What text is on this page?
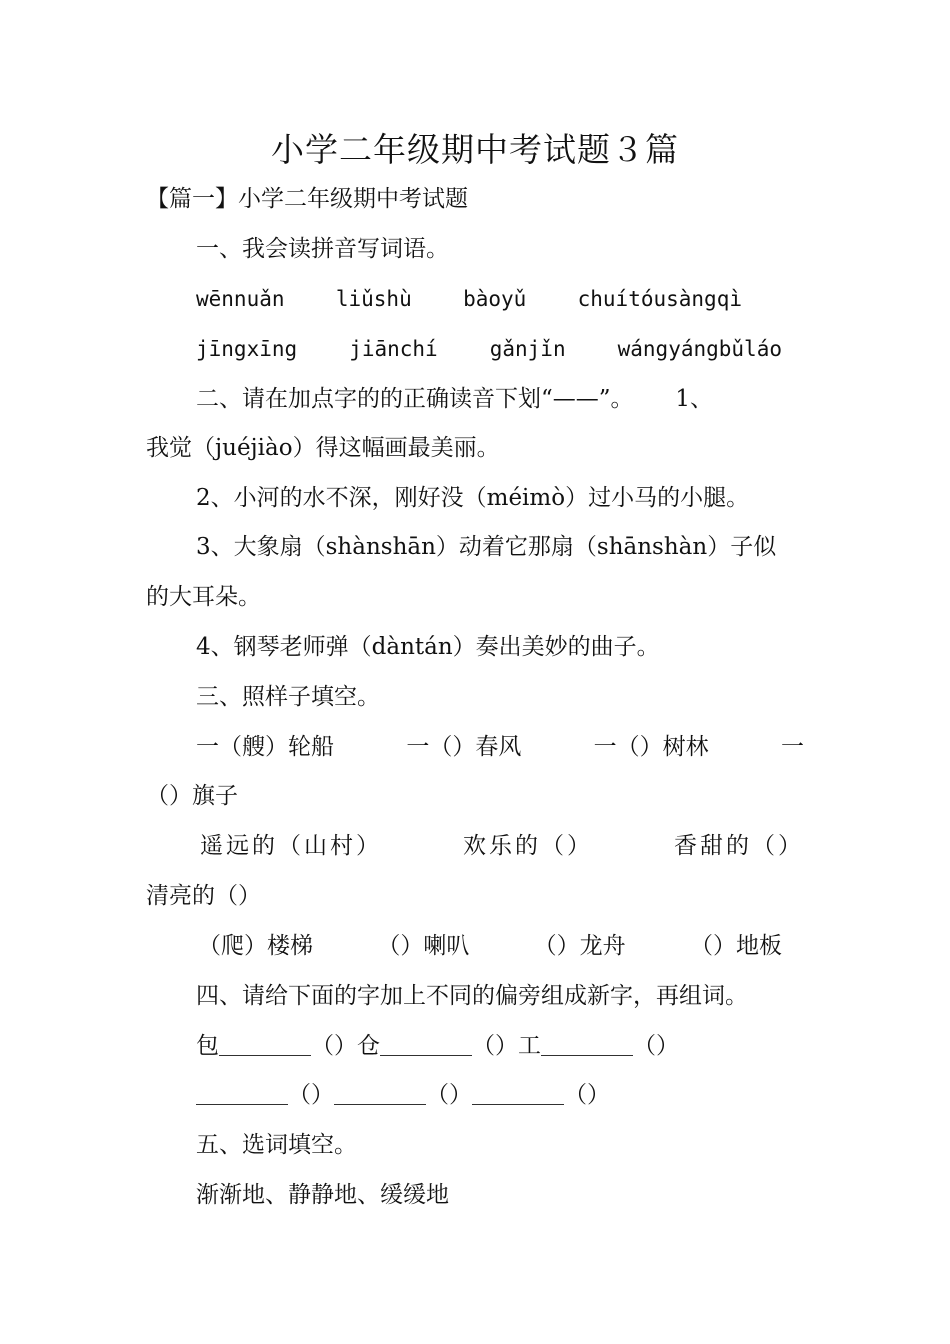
小学二年级期中考试题３篇
【篇一】小学二年级期中考试题
一、我会读拼音写词语。
wēnnuǎn liǔshù bàoyǔ chuítóusàngqì
jīngxīng jiānchí gǎnjǐn wángyángbǔláo
二、请在加点字的的正确读音下划“——”。　　 1、
我觉（juéjiào）得这幅画最美丽。
2、小河的水不深，刚好没（méimò）过小马的小腿。
3、大象扇（shànshān）动着它那扇（shānshàn）子似
的大耳朵。
4、钢琴老师弹（dàntán）奏出美妙的曲子。
三、照样子填空。
一（艘）轮船	一（）春风	一（）树林	一
（）旗子
遥远的（山村）	欢乐的（）	香甜的（）
清亮的（）
（爬）楼梯	（）喇叭	（）龙舟	（）地板
四、请给下面的字加上不同的偏旁组成新字，再组词。
包＿＿＿＿（）仓＿＿＿＿（）工＿＿＿＿（）
＿＿＿＿（）＿＿＿＿（）＿＿＿＿（）
五、选词填空。
渐渐地、静静地、缓缓地
